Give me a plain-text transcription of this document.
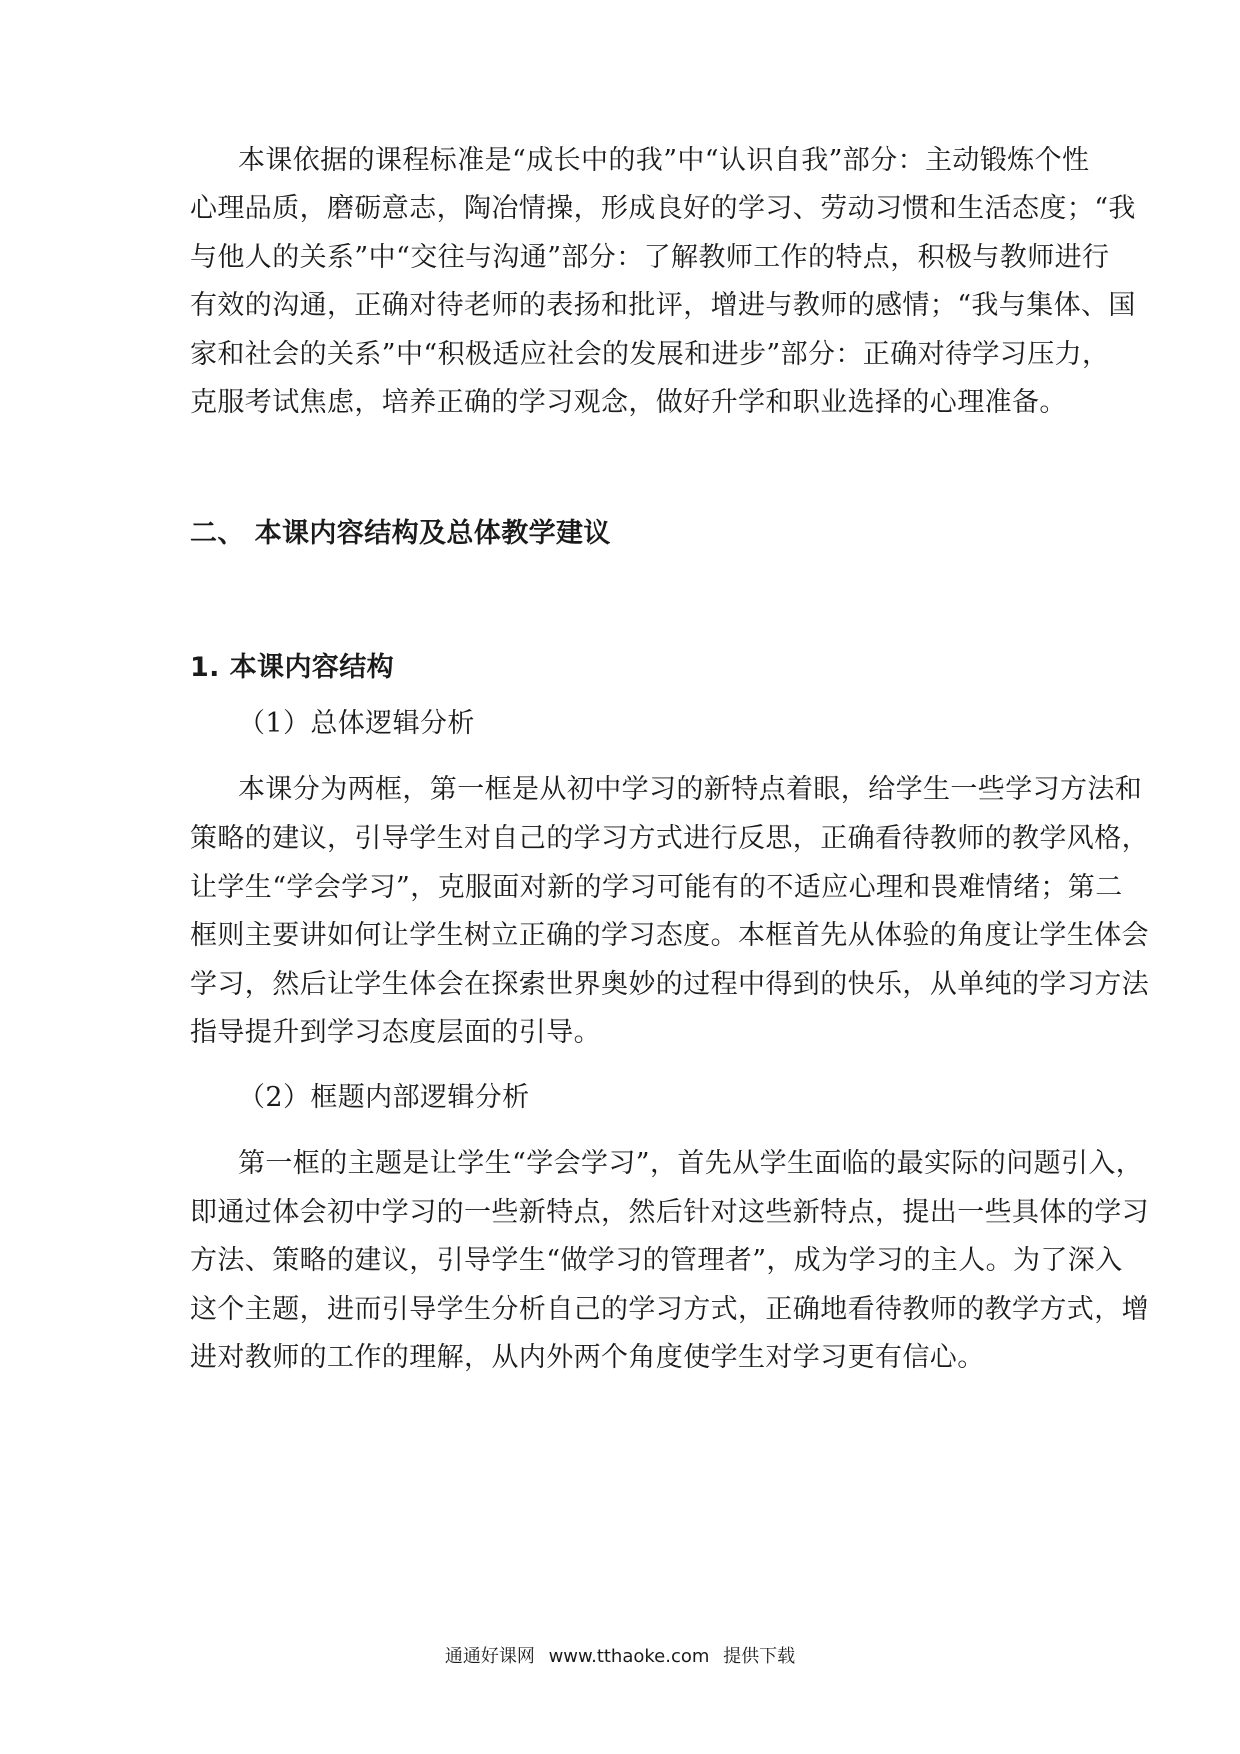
本课依据的课程标准是“成长中的我”中“认识自我”部分：主动锻炼个性
心理品质，磨砺意志，陶冶情操，形成良好的学习、劳动习惯和生活态度；“我
与他人的关系”中“交往与沟通”部分：了解教师工作的特点，积极与教师进行
有效的沟通，正确对待老师的表扬和批评，增进与教师的感情；“我与集体、国
家和社会的关系”中“积极适应社会的发展和进步”部分：正确对待学习压力，
克服考试焦虑，培养正确的学习观念，做好升学和职业选择的心理准备。
二、 本课内容结构及总体教学建议
1. 本课内容结构
（1）总体逻辑分析
本课分为两框，第一框是从初中学习的新特点着眼，给学生一些学习方法和
策略的建议，引导学生对自己的学习方式进行反思，正确看待教师的教学风格，
让学生“学会学习”，克服面对新的学习可能有的不适应心理和畏难情绪；第二
框则主要讲如何让学生树立正确的学习态度。本框首先从体验的角度让学生体会
学习，然后让学生体会在探索世界奥妙的过程中得到的快乐，从单纯的学习方法
指导提升到学习态度层面的引导。
（2）框题内部逻辑分析
第一框的主题是让学生“学会学习”，首先从学生面临的最实际的问题引入，
即通过体会初中学习的一些新特点，然后针对这些新特点，提出一些具体的学习
方法、策略的建议，引导学生“做学习的管理者”，成为学习的主人。为了深入
这个主题，进而引导学生分析自己的学习方式，正确地看待教师的教学方式，增
进对教师的工作的理解，从内外两个角度使学生对学习更有信心。
通通好课网 www.tthaoke.com 提供下载
